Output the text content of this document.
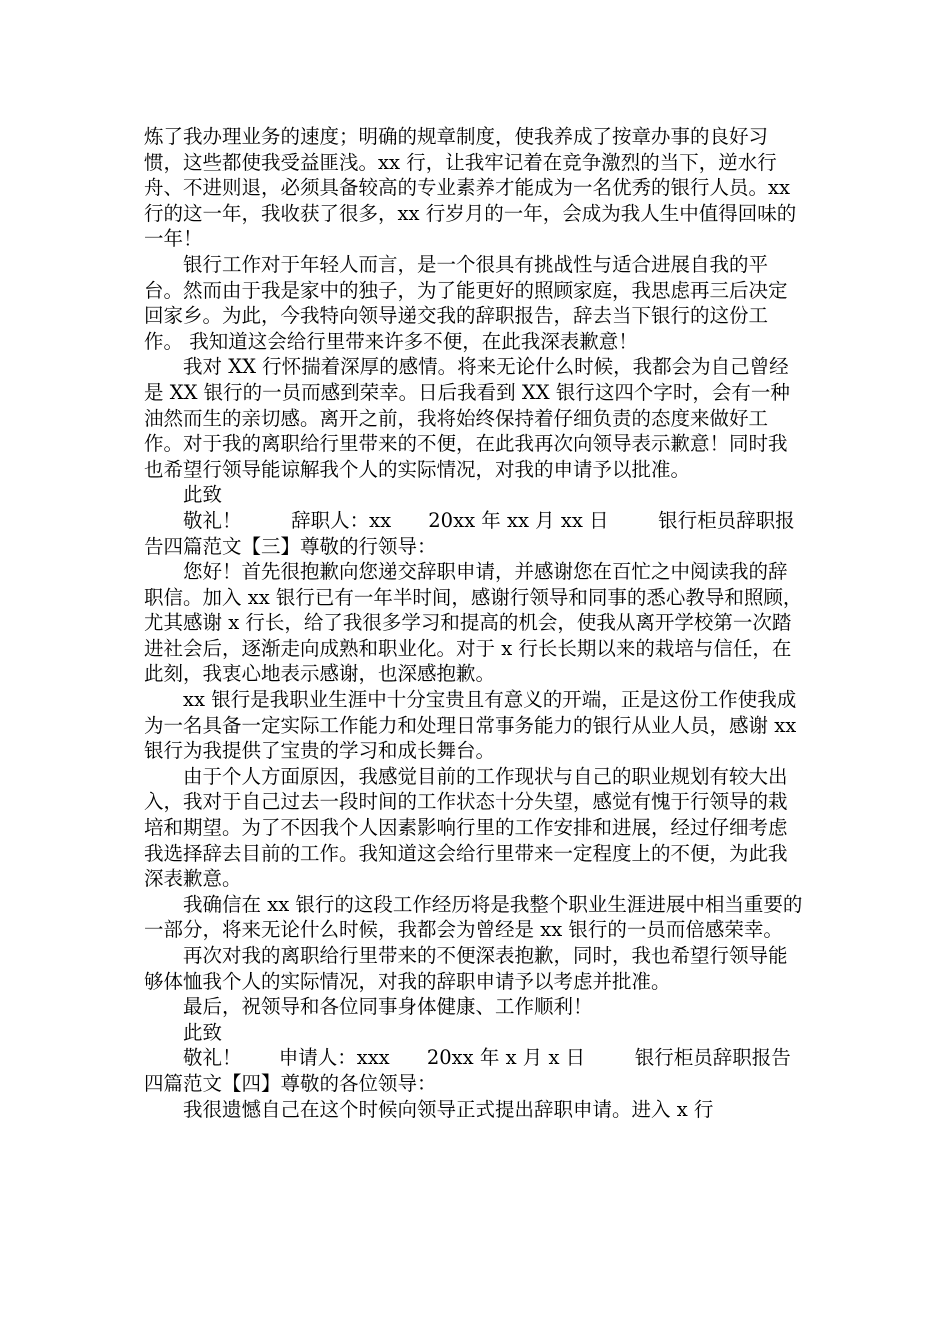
炼了我办理业务的速度；明确的规章制度，使我养成了按章办事的良好习惯，这些都使我受益匪浅。xx 行，让我牢记着在竞争激烈的当下，逆水行舟、不进则退，必须具备较高的专业素养才能成为一名优秀的银行人员。xx 行的这一年，我收获了很多，xx 行岁月的一年，会成为我人生中值得回味的一年！

银行工作对于年轻人而言，是一个很具有挑战性与适合进展自我的平台。然而由于我是家中的独子，为了能更好的照顾家庭，我思虑再三后决定回家乡。为此，今我特向领导递交我的辞职报告，辞去当下银行的这份工作。 我知道这会给行里带来许多不便，在此我深表歉意！

我对 XX 行怀揣着深厚的感情。将来无论什么时候，我都会为自己曾经是 XX 银行的一员而感到荣幸。日后我看到 XX 银行这四个字时，会有一种油然而生的亲切感。离开之前，我将始终保持着仔细负责的态度来做好工作。对于我的离职给行里带来的不便，在此我再次向领导表示歉意！同时我也希望行领导能谅解我个人的实际情况，对我的申请予以批准。

此致

敬礼！        辞职人：xx      20xx 年 xx 月 xx 日        银行柜员辞职报告四篇范文【三】尊敬的行领导：

您好！首先很抱歉向您递交辞职申请，并感谢您在百忙之中阅读我的辞职信。加入 xx 银行已有一年半时间，感谢行领导和同事的悉心教导和照顾，尤其感谢 x 行长，给了我很多学习和提高的机会，使我从离开学校第一次踏进社会后，逐渐走向成熟和职业化。对于 x 行长长期以来的栽培与信任，在此刻，我衷心地表示感谢，也深感抱歉。

xx 银行是我职业生涯中十分宝贵且有意义的开端，正是这份工作使我成为一名具备一定实际工作能力和处理日常事务能力的银行从业人员，感谢 xx 银行为我提供了宝贵的学习和成长舞台。

由于个人方面原因，我感觉目前的工作现状与自己的职业规划有较大出入，我对于自己过去一段时间的工作状态十分失望，感觉有愧于行领导的栽培和期望。为了不因我个人因素影响行里的工作安排和进展，经过仔细考虑我选择辞去目前的工作。我知道这会给行里带来一定程度上的不便，为此我深表歉意。

我确信在 xx 银行的这段工作经历将是我整个职业生涯进展中相当重要的一部分，将来无论什么时候，我都会为曾经是 xx 银行的一员而倍感荣幸。

再次对我的离职给行里带来的不便深表抱歉，同时，我也希望行领导能够体恤我个人的实际情况，对我的辞职申请予以考虑并批准。

最后，祝领导和各位同事身体健康、工作顺利！

此致

敬礼！      申请人：xxx      20xx 年 x 月 x 日        银行柜员辞职报告四篇范文【四】尊敬的各位领导：

我很遗憾自己在这个时候向领导正式提出辞职申请。进入 x 行
